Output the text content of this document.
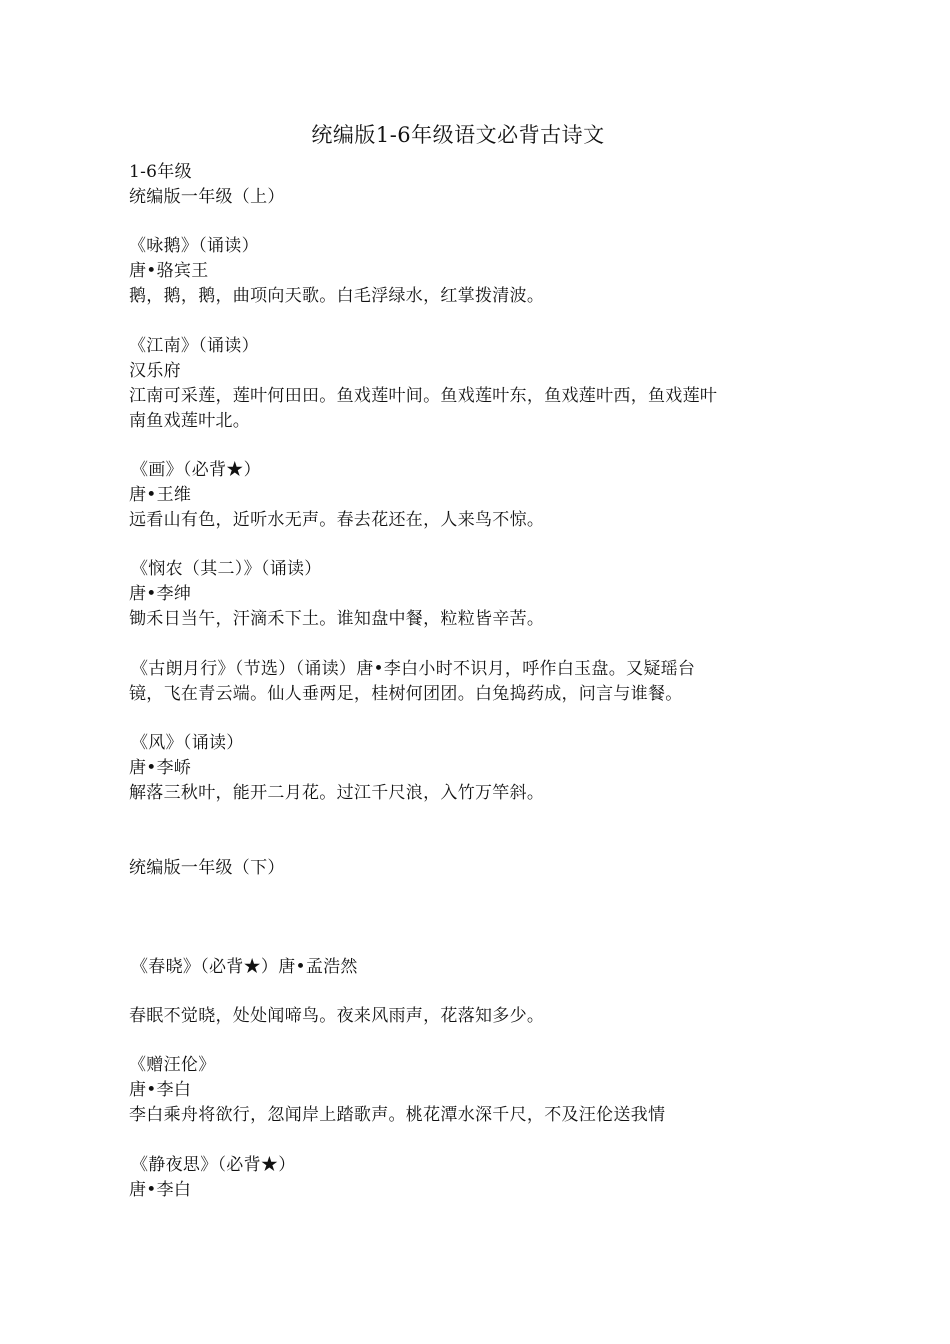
统编版1-6年级语文必背古诗文
1-6年级
统编版一年级（上）
《咏鹅》（诵读）
唐•骆宾王
鹅，鹅，鹅，曲项向天歌。白毛浮绿水，红掌拨清波。
《江南》（诵读）
汉乐府
江南可采莲，莲叶何田田。鱼戏莲叶间。鱼戏莲叶东，鱼戏莲叶西，鱼戏莲叶
南鱼戏莲叶北。
《画》（必背★）
唐•王维
远看山有色，近听水无声。春去花还在，人来鸟不惊。
《悯农（其二）》（诵读）
唐•李绅
锄禾日当午，汗滴禾下土。谁知盘中餐，粒粒皆辛苦。
《古朗月行》（节选）（诵读）唐•李白小时不识月，呼作白玉盘。又疑瑶台
镜，飞在青云端。仙人垂两足，桂树何团团。白兔捣药成，问言与谁餐。
《风》（诵读）
唐•李峤
解落三秋叶，能开二月花。过江千尺浪，入竹万竿斜。
统编版一年级（下）
《春晓》（必背★）唐•孟浩然
春眠不觉晓，处处闻啼鸟。夜来风雨声，花落知多少。
《赠汪伦》
唐•李白
李白乘舟将欲行，忽闻岸上踏歌声。桃花潭水深千尺，不及汪伦送我情
《静夜思》（必背★）
唐•李白
